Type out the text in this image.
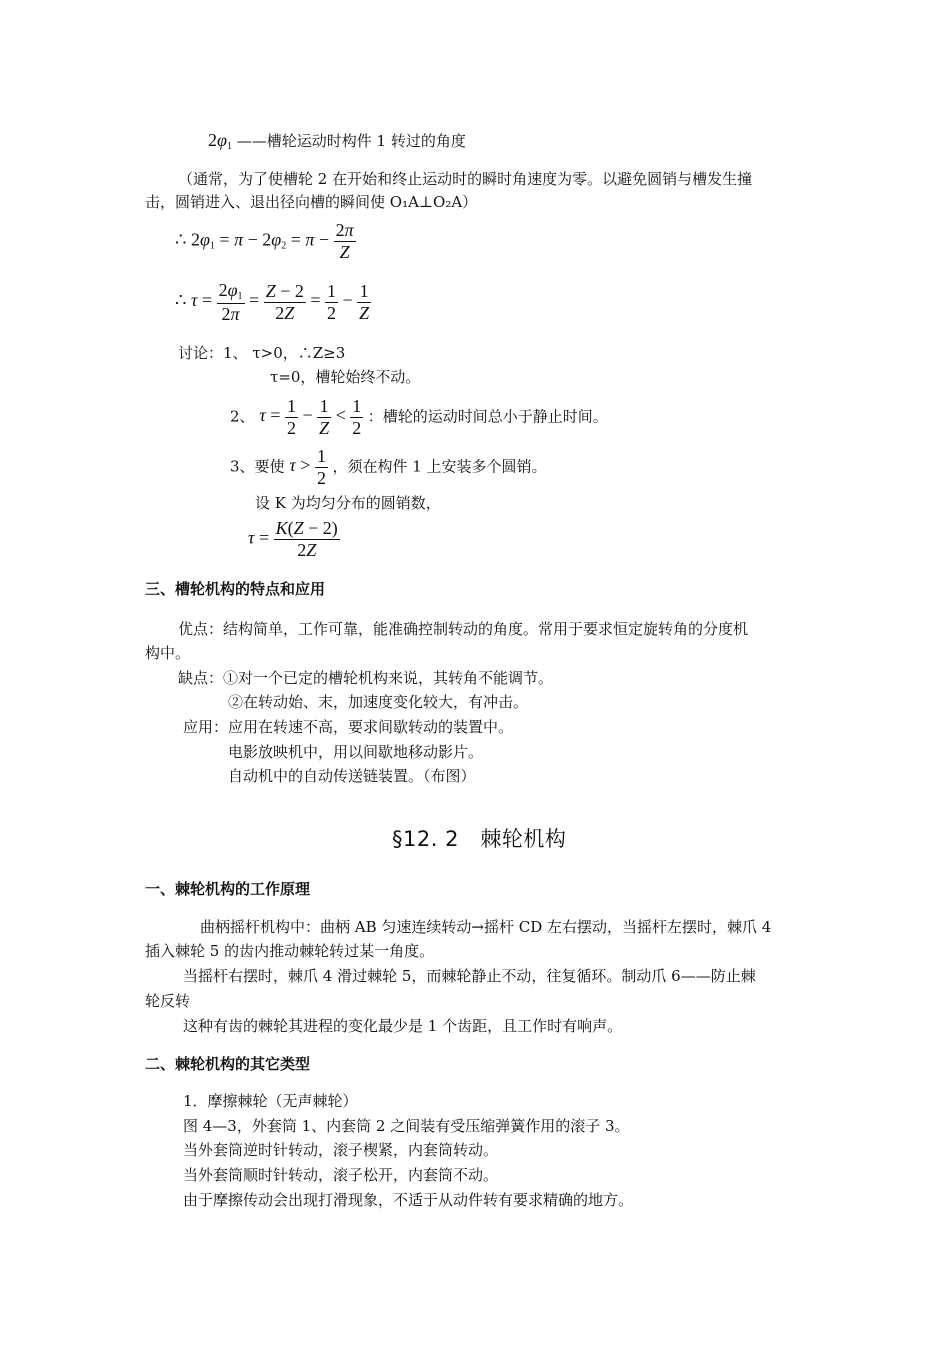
$2\varphi_1$ ——槽轮运动时构件 1 转过的角度
（通常，为了使槽轮 2 在开始和终止运动时的瞬时角速度为零。以避免圆销与槽发生撞
击，圆销进入、退出径向槽的瞬间使 O₁A⊥O₂A）
∴ $2\varphi_1 = \pi - 2\varphi_2 = \pi - \frac{2\pi}{Z}$
∴ $\tau = \frac{2\varphi_1}{2\pi} = \frac{Z - 2}{2Z} = \frac{1}{2} - \frac{1}{Z}$
讨论：1、 τ>0，∴Z≥3
τ=0，槽轮始终不动。
2、 $\tau = \frac{1}{2} - \frac{1}{Z} < \frac{1}{2}$ ：槽轮的运动时间总小于静止时间。
3、要使 $\tau > \frac{1}{2}$ ，须在构件 1 上安装多个圆销。
设 K 为均匀分布的圆销数，
$\tau = \frac{K(Z - 2)}{2Z}$
三、槽轮机构的特点和应用
优点：结构简单，工作可靠，能准确控制转动的角度。常用于要求恒定旋转角的分度机
构中。
缺点：①对一个已定的槽轮机构来说，其转角不能调节。
②在转动始、末，加速度变化较大，有冲击。
应用：应用在转速不高，要求间歇转动的装置中。
电影放映机中，用以间歇地移动影片。
自动机中的自动传送链装置。（布图）
§12. 2　棘轮机构
一、棘轮机构的工作原理
曲柄摇杆机构中：曲柄 AB 匀速连续转动→摇杆 CD 左右摆动，当摇杆左摆时，棘爪 4
插入棘轮 5 的齿内推动棘轮转过某一角度。
当摇杆右摆时，棘爪 4 滑过棘轮 5，而棘轮静止不动，往复循环。制动爪 6——防止棘
轮反转
这种有齿的棘轮其进程的变化最少是 1 个齿距，且工作时有响声。
二、棘轮机构的其它类型
1．摩擦棘轮（无声棘轮）
图 4—3，外套筒 1、内套筒 2 之间装有受压缩弹簧作用的滚子 3。
当外套筒逆时针转动，滚子楔紧，内套筒转动。
当外套筒顺时针转动，滚子松开，内套筒不动。
由于摩擦传动会出现打滑现象，不适于从动件转有要求精确的地方。
